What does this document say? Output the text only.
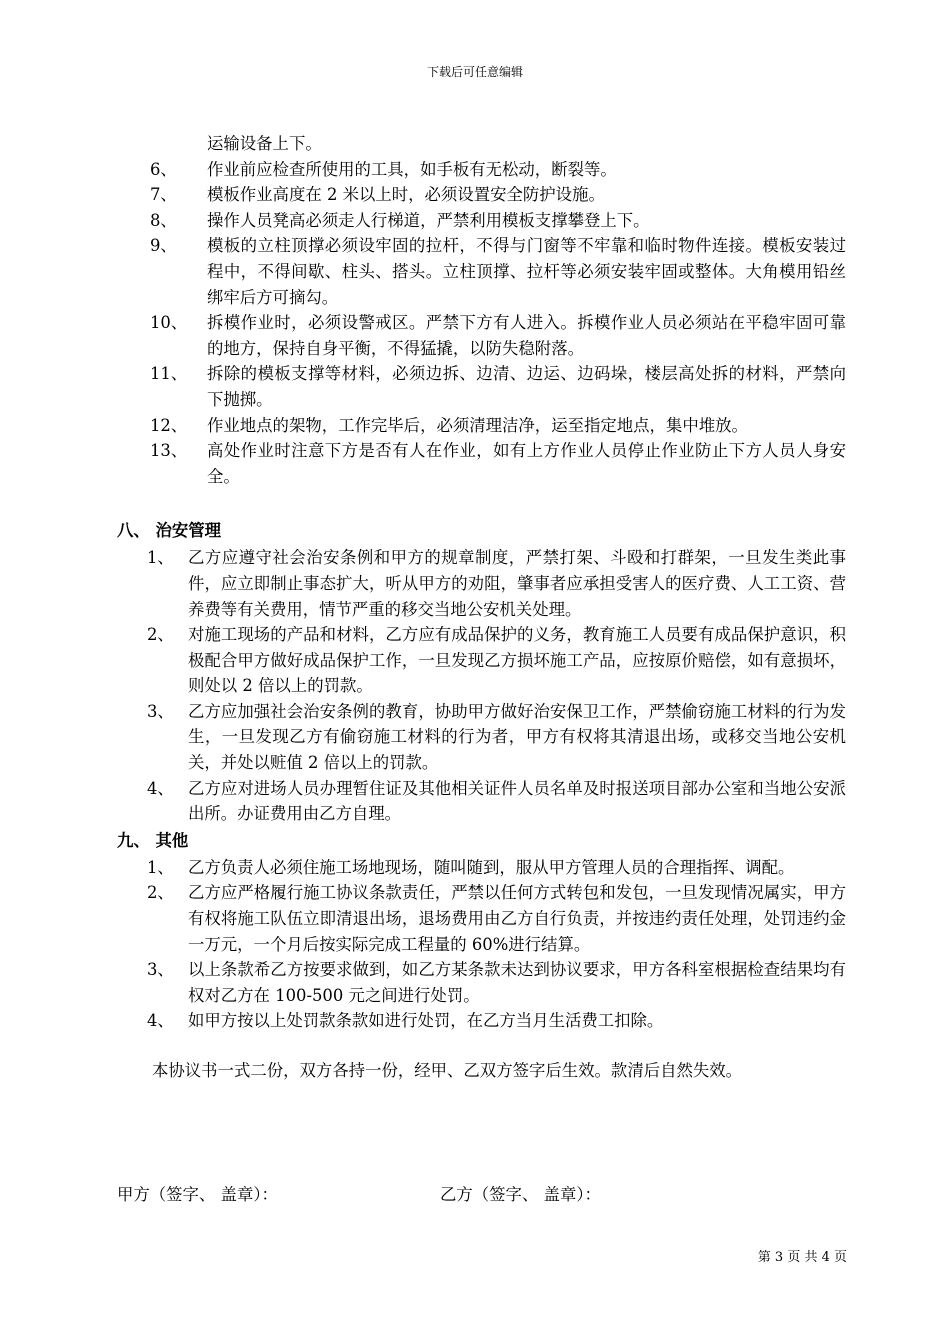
下载后可任意编辑
运输设备上下。
6、 作业前应检查所使用的工具，如手板有无松动，断裂等。
7、 模板作业高度在 2 米以上时，必须设置安全防护设施。
8、 操作人员凳高必须走人行梯道，严禁利用模板支撑攀登上下。
9、 模板的立柱顶撑必须设牢固的拉杆，不得与门窗等不牢靠和临时物件连接。模板安装过程中，不得间歇、柱头、搭头。立柱顶撑、拉杆等必须安装牢固或整体。大角模用铅丝绑牢后方可摘勾。
10、 拆模作业时，必须设警戒区。严禁下方有人进入。拆模作业人员必须站在平稳牢固可靠的地方，保持自身平衡，不得猛撬，以防失稳附落。
11、 拆除的模板支撑等材料，必须边拆、边清、边运、边码垛，楼层高处拆的材料，严禁向下抛掷。
12、 作业地点的架物，工作完毕后，必须清理洁净，运至指定地点，集中堆放。
13、 高处作业时注意下方是否有人在作业，如有上方作业人员停止作业防止下方人员人身安全。
八、 治安管理
1、 乙方应遵守社会治安条例和甲方的规章制度，严禁打架、斗殴和打群架，一旦发生类此事件，应立即制止事态扩大，听从甲方的劝阻，肇事者应承担受害人的医疗费、人工工资、营养费等有关费用，情节严重的移交当地公安机关处理。
2、 对施工现场的产品和材料，乙方应有成品保护的义务，教育施工人员要有成品保护意识，积极配合甲方做好成品保护工作，一旦发现乙方损坏施工产品，应按原价赔偿，如有意损坏，则处以 2 倍以上的罚款。
3、 乙方应加强社会治安条例的教育，协助甲方做好治安保卫工作，严禁偷窃施工材料的行为发生，一旦发现乙方有偷窃施工材料的行为者，甲方有权将其清退出场，或移交当地公安机关，并处以赃值 2 倍以上的罚款。
4、 乙方应对进场人员办理暂住证及其他相关证件人员名单及时报送项目部办公室和当地公安派出所。办证费用由乙方自理。
九、 其他
1、 乙方负责人必须住施工场地现场，随叫随到，服从甲方管理人员的合理指挥、调配。
2、 乙方应严格履行施工协议条款责任，严禁以任何方式转包和发包，一旦发现情况属实，甲方有权将施工队伍立即清退出场，退场费用由乙方自行负责，并按违约责任处理，处罚违约金一万元，一个月后按实际完成工程量的 60%进行结算。
3、 以上条款希乙方按要求做到，如乙方某条款未达到协议要求，甲方各科室根据检查结果均有权对乙方在 100-500 元之间进行处罚。
4、 如甲方按以上处罚款条款如进行处罚，在乙方当月生活费工扣除。
本协议书一式二份，双方各持一份，经甲、乙双方签字后生效。款清后自然失效。
甲方（签字、 盖章）：	乙方（签字、 盖章）：
第 3 页 共 4 页
